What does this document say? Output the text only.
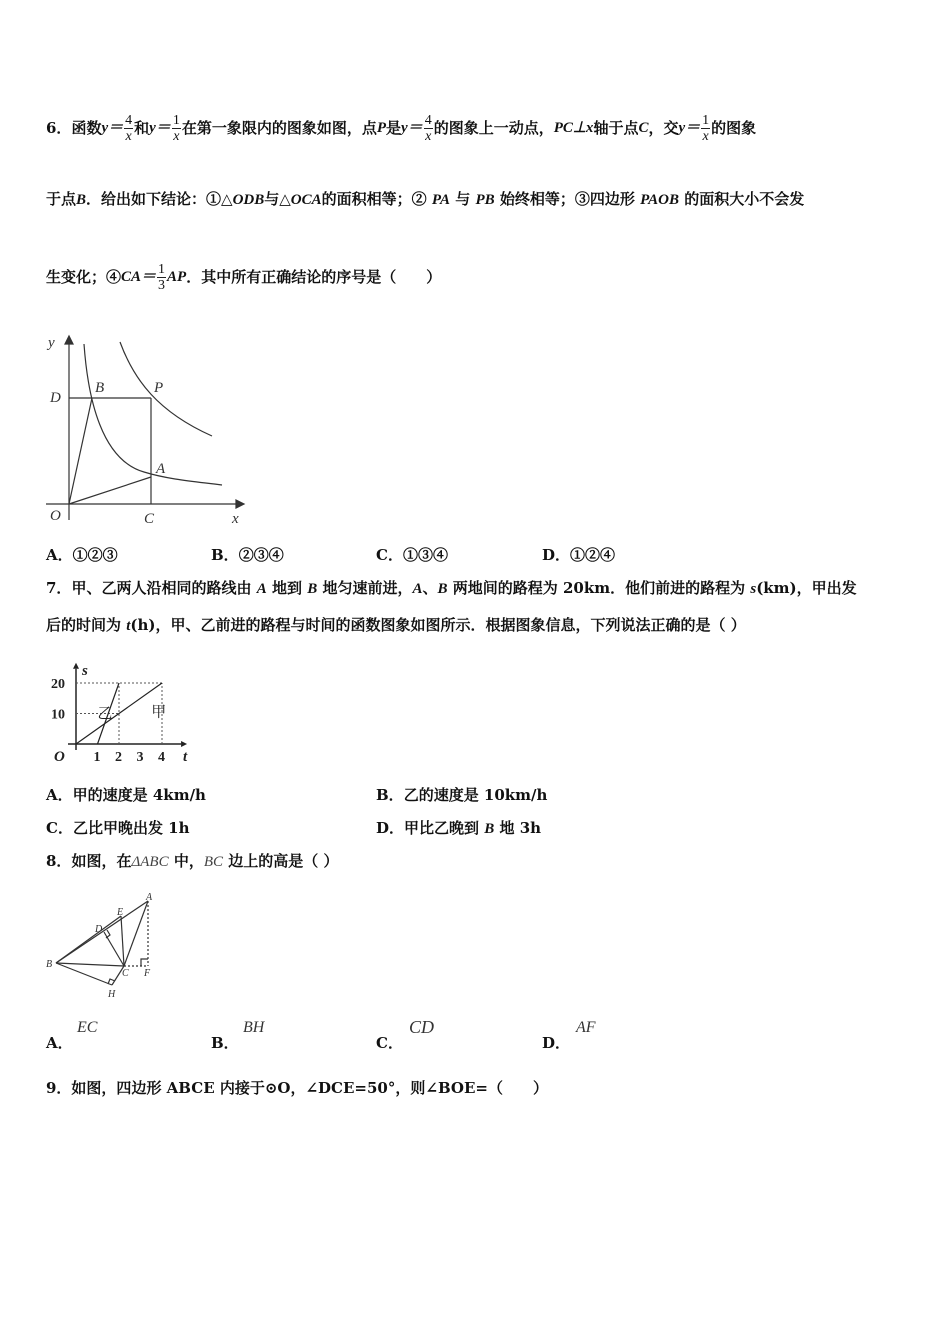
6． 函数 $y= \frac{4}{x}$ 和 $y= \frac{1}{x}$ 在第一象限内的图象如图，点 P 是 $y= \frac{4}{x}$ 的图象上一动点， PC⊥x 轴于点 C ，交 $y= \frac{1}{x}$ 的图象
于点B．给出如下结论：①△ODB与△OCA的面积相等；② PA 与 PB 始终相等；③四边形 PAOB 的面积大小不会发
生变化；④ $CA= \frac{1}{3}$ AP ．其中所有正确结论的序号是（　　）
y
D
B	P
A
O	C	x
A．①②③	B．②③④	C．①③④	D．①②④
7．甲、乙两人沿相同的路线由 A 地到 B 地匀速前进，A、B 两地间的路程为 20km．他们前进的路程为 s(km)，甲出发
后的时间为 t(h)，甲、乙前进的路程与时间的函数图象如图所示．根据图象信息，下列说法正确的是（ ）
甲
乙
1 2 3 4
10
20
O	t
s
A．甲的速度是 4km/h	B．乙的速度是 10km/h
C．乙比甲晚出发 1h	D．甲比乙晚到 B 地 3h
8．如图，在ΔABC 中，BC 边上的高是（ ）
A
E
D
B
C F
H
A．
EC
B．
BH
C．
CD
D．
AF
9．如图，四边形 ABCE 内接于⊙O，∠DCE=50°，则∠BOE=（　　）
